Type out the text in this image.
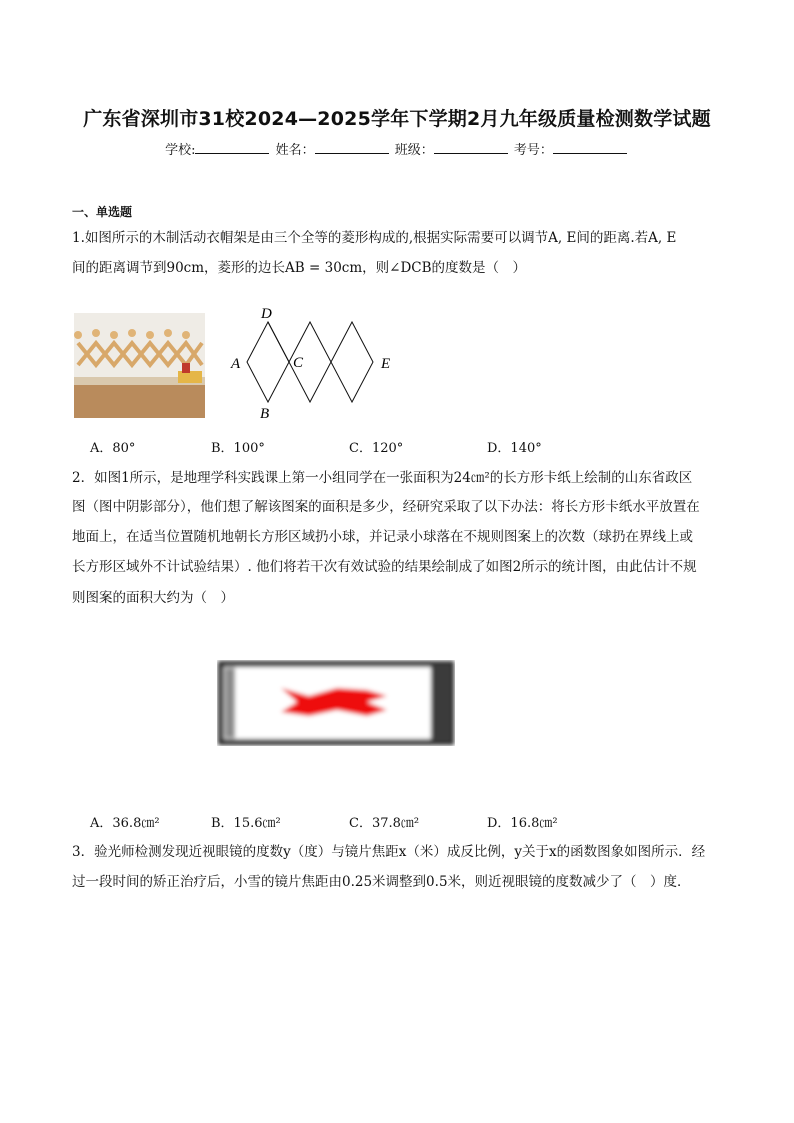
广东省深圳市31校2024—2025学年下学期2月九年级质量检测数学试题
学校:	姓名：	班级：	考号：
一、单选题
1.如图所示的木制活动衣帽架是由三个全等的菱形构成的,根据实际需要可以调节A, E间的距离.若A, E
间的距离调节到90cm，菱形的边长AB = 30cm，则∠DCB的度数是（　）
D
A	C	E
B
A．80°	B．100°	C．120°	D．140°
2．如图1所示，是地理学科实践课上第一小组同学在一张面积为24㎝²的长方形卡纸上绘制的山东省政区
图（图中阴影部分），他们想了解该图案的面积是多少，经研究采取了以下办法：将长方形卡纸水平放置在
地面上，在适当位置随机地朝长方形区域扔小球，并记录小球落在不规则图案上的次数（球扔在界线上或
长方形区域外不计试验结果）. 他们将若干次有效试验的结果绘制成了如图2所示的统计图，由此估计不规
则图案的面积大约为（　）
A．36.8㎝²	B．15.6㎝²	C．37.8㎝²	D．16.8㎝²
3．验光师检测发现近视眼镜的度数y（度）与镜片焦距x（米）成反比例，y关于x的函数图象如图所示．经
过一段时间的矫正治疗后，小雪的镜片焦距由0.25米调整到0.5米，则近视眼镜的度数减少了（　）度．
